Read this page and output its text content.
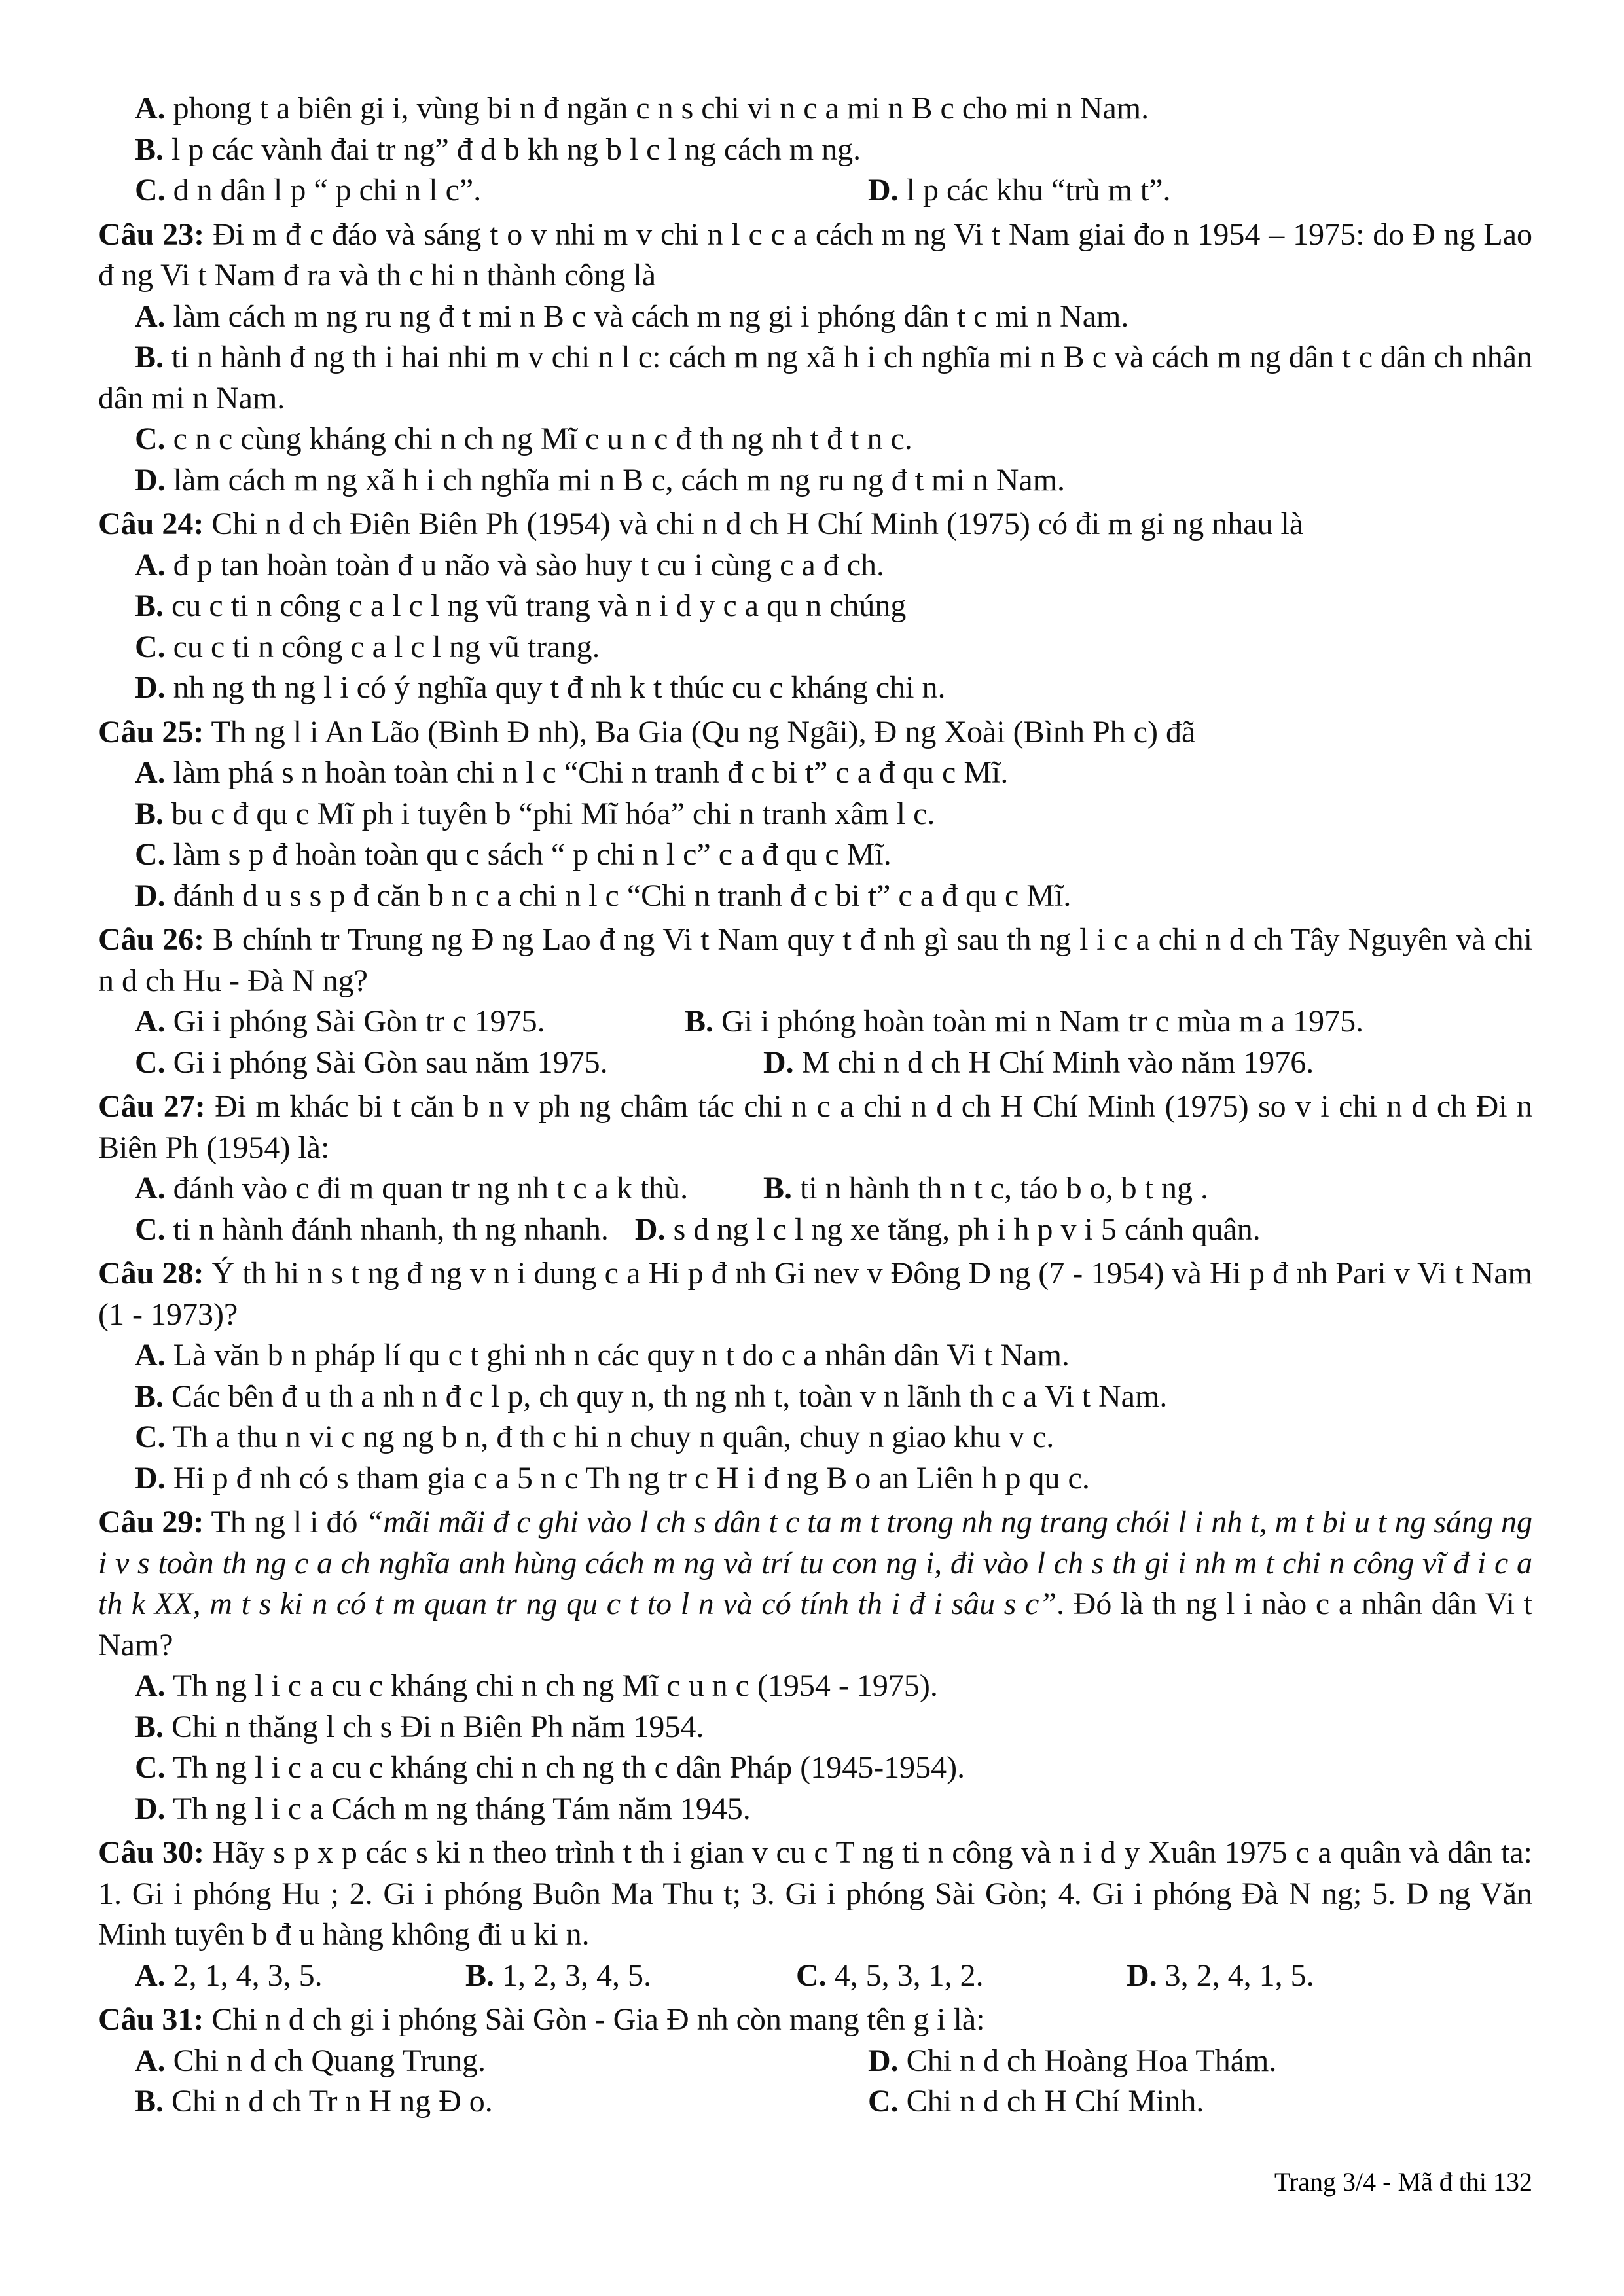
A. phong t a biên gi i, vùng bi n đ ngăn c n s chi vi n c a mi n B c cho mi n Nam.
B. l p các vành đai tr ng” đ d b kh ng b l c l ng cách m ng.
C. d n dân l p “ p chi n l c”.	D. l p các khu “trù m t”.
Câu 23: Đi m đ c đáo và sáng t o v nhi m v chi n l c c a cách m ng Vi t Nam giai đo n 1954 – 1975: do Đ ng Lao đ ng Vi t Nam đ ra và th c hi n thành công là
A. làm cách m ng ru ng đ t mi n B c và cách m ng gi i phóng dân t c mi n Nam.
B. ti n hành đ ng th i hai nhi m v chi n l c: cách m ng xã h i ch nghĩa mi n B c và cách m ng dân t c dân ch nhân dân mi n Nam.
C. c n c cùng kháng chi n ch ng Mĩ c u n c đ th ng nh t đ t n c.
D. làm cách m ng xã h i ch nghĩa mi n B c, cách m ng ru ng đ t mi n Nam.
Câu 24: Chi n d ch Điên Biên Ph (1954) và chi n d ch H Chí Minh (1975) có đi m gi ng nhau là
A. đ p tan hoàn toàn đ u não và sào huy t cu i cùng c a đ ch.
B. cu c ti n công c a l c l ng vũ trang và n i d y c a qu n chúng
C. cu c ti n công c a l c l ng vũ trang.
D. nh ng th ng l i có ý nghĩa quy t đ nh k t thúc cu c kháng chi n.
Câu 25: Th ng l i An Lão (Bình Đ nh), Ba Gia (Qu ng Ngãi), Đ ng Xoài (Bình Ph c) đã
A. làm phá s n hoàn toàn chi n l c “Chi n tranh đ c bi t” c a đ qu c Mĩ.
B. bu c đ qu c Mĩ ph i tuyên b “phi Mĩ hóa” chi n tranh xâm l c.
C. làm s p đ hoàn toàn qu c sách “ p chi n l c” c a đ qu c Mĩ.
D. đánh d u s s p đ căn b n c a chi n l c “Chi n tranh đ c bi t” c a đ qu c Mĩ.
Câu 26: B chính tr Trung ng Đ ng Lao đ ng Vi t Nam quy t đ nh gì sau th ng l i c a chi n d ch Tây Nguyên và chi n d ch Hu - Đà N ng?
A. Gi i phóng Sài Gòn tr c 1975.	B. Gi i phóng hoàn toàn mi n Nam tr c mùa m a 1975.
C. Gi i phóng Sài Gòn sau năm 1975.	D. M chi n d ch H Chí Minh vào năm 1976.
Câu 27: Đi m khác bi t căn b n v ph ng châm tác chi n c a chi n d ch H Chí Minh (1975) so v i chi n d ch Đi n Biên Ph (1954) là:
A. đánh vào c đi m quan tr ng nh t c a k thù.	B. ti n hành th n t c, táo b o, b t ng .
C. ti n hành đánh nhanh, th ng nhanh. D. s d ng l c l ng xe tăng, ph i h p v i 5 cánh quân.
Câu 28: Ý th hi n s t ng đ ng v n i dung c a Hi p đ nh Gi nev v Đông D ng (7 - 1954) và Hi p đ nh Pari v Vi t Nam (1 - 1973)?
A. Là văn b n pháp lí qu c t ghi nh n các quy n t do c a nhân dân Vi t Nam.
B. Các bên đ u th a nh n đ c l p, ch quy n, th ng nh t, toàn v n lãnh th c a Vi t Nam.
C. Th a thu n vi c ng ng b n, đ th c hi n chuy n quân, chuy n giao khu v c.
D. Hi p đ nh có s tham gia c a 5 n c Th ng tr c H i đ ng B o an Liên h p qu c.
Câu 29: Th ng l i đó “mãi mãi đ c ghi vào l ch s dân t c ta m t trong nh ng trang chói l i nh t, m t bi u t ng sáng ng i v s toàn th ng c a ch nghĩa anh hùng cách m ng và trí tu con ng i, đi vào l ch s th gi i nh m t chi n công vĩ đ i c a th k XX, m t s ki n có t m quan tr ng qu c t to l n và có tính th i đ i sâu s c”. Đó là th ng l i nào c a nhân dân Vi t Nam?
A. Th ng l i c a cu c kháng chi n ch ng Mĩ c u n c (1954 - 1975).
B. Chi n thăng l ch s Đi n Biên Ph năm 1954.
C. Th ng l i c a cu c kháng chi n ch ng th c dân Pháp (1945-1954).
D. Th ng l i c a Cách m ng tháng Tám năm 1945.
Câu 30: Hãy s p x p các s ki n theo trình t th i gian v cu c T ng ti n công và n i d y Xuân 1975 c a quân và dân ta: 1. Gi i phóng Hu ; 2. Gi i phóng Buôn Ma Thu t; 3. Gi i phóng Sài Gòn; 4. Gi i phóng Đà N ng; 5. D ng Văn Minh tuyên b đ u hàng không đi u ki n.
A. 2, 1, 4, 3, 5.	B. 1, 2, 3, 4, 5.	C. 4, 5, 3, 1, 2.	D. 3, 2, 4, 1, 5.
Câu 31: Chi n d ch gi i phóng Sài Gòn - Gia Đ nh còn mang tên g i là:
A. Chi n d ch Quang Trung.	D. Chi n d ch Hoàng Hoa Thám.
B. Chi n d ch Tr n H ng Đ o.	C. Chi n d ch H Chí Minh.
Trang 3/4 - Mã đ thi 132
